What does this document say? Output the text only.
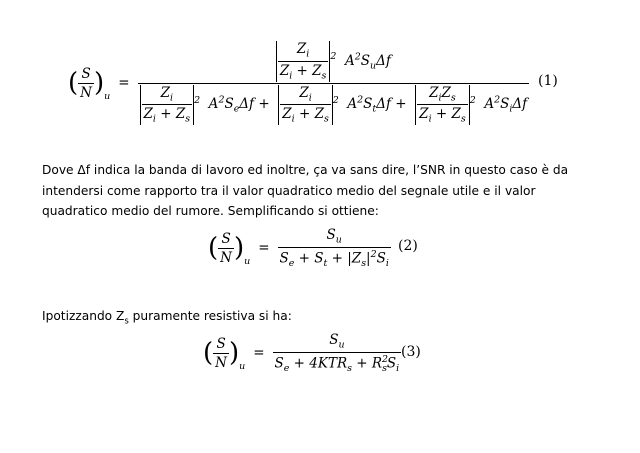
( $\frac{S}{N} )_u$
=
$\frac{Z_i}{Z_i + Z_s} ^2$  $A^2S_u\Delta f$
$\frac{Z_i}{Z_i + Z_s} ^2$  $A^2S_e\Delta f + \frac{Z_i}{Z_i + Z_s} ^2$  $A^2S_t\Delta f + \frac{Z_iZ_s}{Z_i + Z_s} ^2$  $A^2S_i\Delta f$
(1)
Dove Δf indica la banda di lavoro ed inoltre, ça va sans dire, l’SNR in questo caso è da intendersi come rapporto tra il valor quadratico medio del segnale utile e il valor quadratico medio del rumore. Semplificando si ottiene:
( $\frac{S}{N} )_u$
= $\frac{S_u}{S_e + S_t + |Z_s|^2S_i} (2)$
Ipotizzando $Z_s$ puramente resistiva si ha:
( $\frac{S}{N} )_u$
= $\frac{S_u}{S_e + 4KTR_s + R^2_sS_i} (3)$
